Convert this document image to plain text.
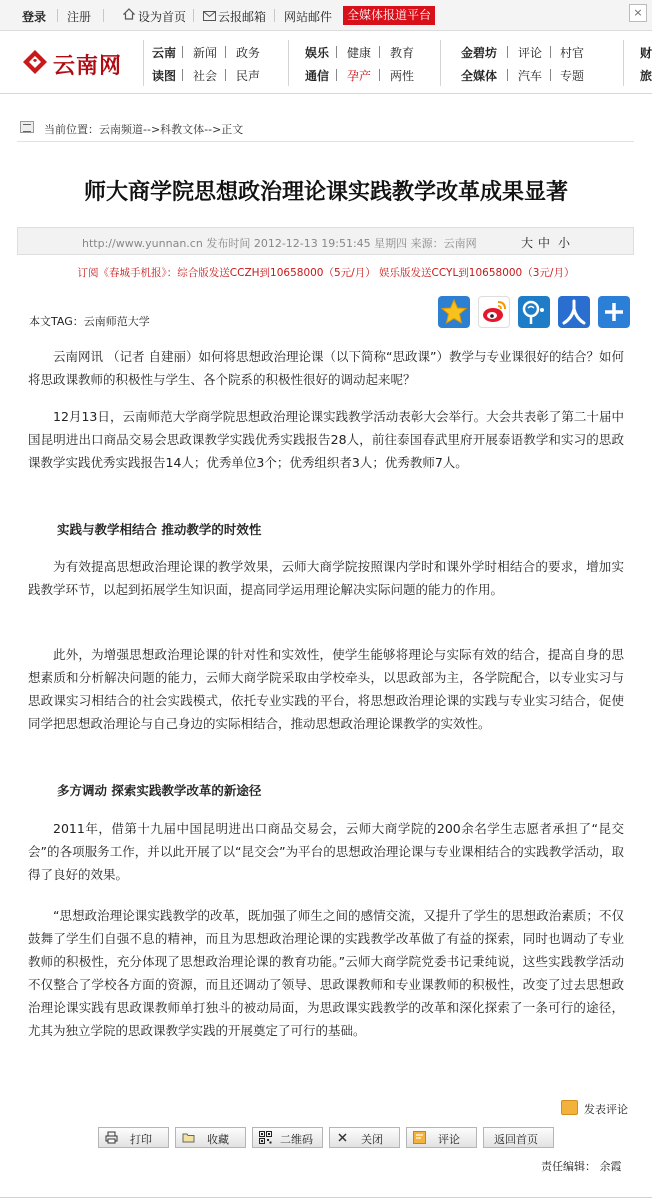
登录 注册	设为首页	云报邮箱 网站邮件	全媒体报道平台	×
云南网 云南 新闻 政务
读图 社会 民声
娱乐 健康 教育
通信 孕产 两性
金碧坊 评论 村官
全媒体 汽车 专题
财
旅
当前位置：云南频道-->科教文体-->正文
师大商学院思想政治理论课实践教学改革成果显著
http://www.yunnan.cn 发布时间 2012-12-13 19:51:45 星期四 来源：云南网	大 中 小
订阅《春城手机报》：综合版发送CCZH到10658000（5元/月） 娱乐版发送CCYL到10658000（3元/月）
本文TAG：云南师范大学

云南网讯 （记者 自建丽）如何将思想政治理论课（以下简称“思政课”）教学与专业课很好的结合？如何将思政课教师的积极性与学生、各个院系的积极性很好的调动起来呢？

12月13日，云南师范大学商学院思想政治理论课实践教学活动表彰大会举行。大会共表彰了第二十届中国昆明进出口商品交易会思政课教学实践优秀实践报告28人，前往泰国春武里府开展泰语教学和实习的思政课教学实践优秀实践报告14人；优秀单位3个；优秀组织者3人；优秀教师7人。

实践与教学相结合 推动教学的时效性

为有效提高思想政治理论课的教学效果，云师大商学院按照课内学时和课外学时相结合的要求，增加实践教学环节，以起到拓展学生知识面，提高同学运用理论解决实际问题的能力的作用。

此外，为增强思想政治理论课的针对性和实效性，使学生能够将理论与实际有效的结合，提高自身的思想素质和分析解决问题的能力，云师大商学院采取由学校牵头，以思政部为主，各学院配合，以专业实习与思政课实习相结合的社会实践模式，依托专业实践的平台，将思想政治理论课的实践与专业实习结合，促使同学把思想政治理论与自己身边的实际相结合，推动思想政治理论课教学的实效性。

多方调动 探索实践教学改革的新途径

2011年，借第十九届中国昆明进出口商品交易会，云师大商学院的200余名学生志愿者承担了“昆交会”的各项服务工作，并以此开展了以“昆交会”为平台的思想政治理论课与专业课相结合的实践教学活动，取得了良好的效果。

“思想政治理论课实践教学的改革，既加强了师生之间的感情交流，又提升了学生的思想政治素质；不仅鼓舞了学生们自强不息的精神，而且为思想政治理论课的实践教学改革做了有益的探索，同时也调动了专业教师的积极性，充分体现了思想政治理论课的教育功能。”云师大商学院党委书记秉纯说，这些实践教学活动不仅整合了学校各方面的资源，而且还调动了领导、思政课教师和专业课教师的积极性，改变了过去思想政治理论课实践有思政课教师单打独斗的被动局面，为思政课实践教学的改革和深化探索了一条可行的途径，尤其为独立学院的思政课教学实践的开展奠定了可行的基础。

发表评论
打印	收藏	二维码	关闭	评论	返回首页
责任编辑： 余霞
